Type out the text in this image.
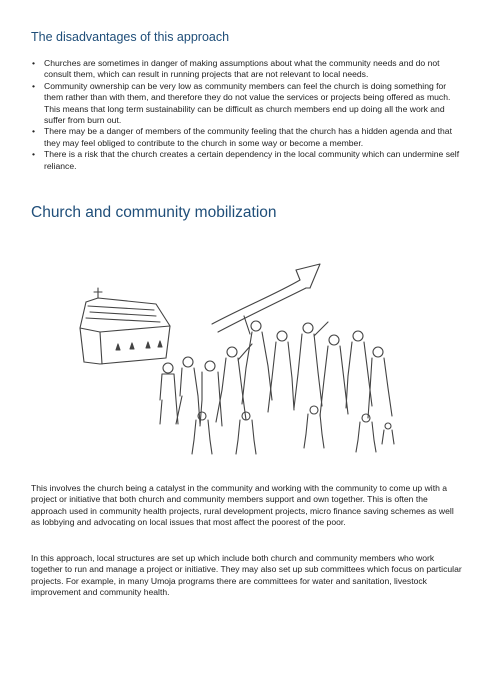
The disadvantages of this approach
• Churches are sometimes in danger of making assumptions about what the community needs and do not consult them, which can result in running projects that are not relevant to local needs.
• Community ownership can be very low as community members can feel the church is doing something for them rather than with them, and therefore they do not value the services or projects being offered as much. This means that long term sustainability can be difficult as church members end up doing all the work and suffer from burn out.
• There may be a danger of members of the community feeling that the church has a hidden agenda and that they may feel obliged to contribute to the church in some way or become a member.
• There is a risk that the church creates a certain dependency in the local community which can undermine self reliance.
Church and community mobilization

This involves the church being a catalyst in the community and working with the community to come up with a project or initiative that both church and community members support and own together. This is often the approach used in community health projects, rural development projects, micro finance saving schemes as well as lobbying and advocating on local issues that most affect the poorest of the poor.

In this approach, local structures are set up which include both church and community members who work together to run and manage a project or initiative. They may also set up sub committees which focus on particular projects. For example, in many Umoja programs there are committees for water and sanitation, livestock improvement and community health.
